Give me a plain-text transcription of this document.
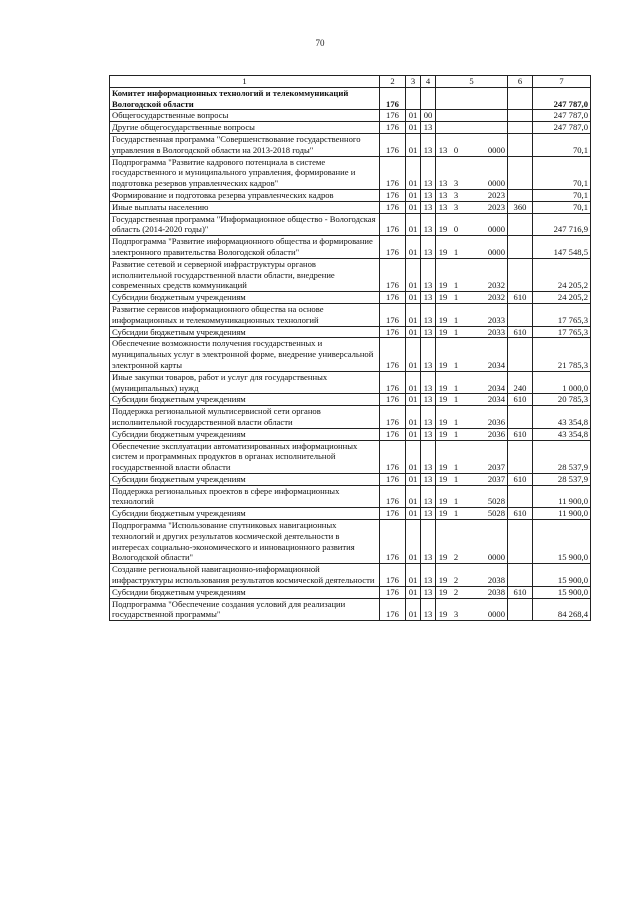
70
1	2	3	4	5	6	7
Комитет информационных технологий и телекоммуникаций Вологодской области	176					247 787,0
Общегосударственные вопросы	176	01	00			247 787,0
Другие общегосударственные вопросы	176	01	13			247 787,0
Государственная программа "Совершенствование государственного управления в Вологодской области на 2013-2018 годы"	176	01	13	13 0 0000		70,1
Подпрограмма "Развитие кадрового потенциала в системе государственного и муниципального управления, формирование и подготовка резервов управленческих кадров"	176	01	13	13 3 0000		70,1
Формирование и подготовка резерва управленческих кадров	176	01	13	13 3 2023		70,1
Иные выплаты населению	176	01	13	13 3 2023	360	70,1
Государственная программа "Информационное общество - Вологодская область (2014-2020 годы)"	176	01	13	19 0 0000		247 716,9
Подпрограмма "Развитие информационного общества и формирование электронного правительства Вологодской области"	176	01	13	19 1 0000		147 548,5
Развитие сетевой и серверной инфраструктуры органов исполнительной государственной власти области, внедрение современных средств коммуникаций	176	01	13	19 1 2032		24 205,2
Субсидии бюджетным учреждениям	176	01	13	19 1 2032	610	24 205,2
Развитие сервисов информационного общества на основе информационных и телекоммуникационных технологий	176	01	13	19 1 2033		17 765,3
Субсидии бюджетным учреждениям	176	01	13	19 1 2033	610	17 765,3
Обеспечение возможности получения государственных и муниципальных услуг в электронной форме, внедрение универсальной электронной карты	176	01	13	19 1 2034		21 785,3
Иные закупки товаров, работ и услуг для государственных (муниципальных) нужд	176	01	13	19 1 2034	240	1 000,0
Субсидии бюджетным учреждениям	176	01	13	19 1 2034	610	20 785,3
Поддержка региональной мультисервисной сети органов исполнительной государственной власти области	176	01	13	19 1 2036		43 354,8
Субсидии бюджетным учреждениям	176	01	13	19 1 2036	610	43 354,8
Обеспечение эксплуатации автоматизированных информационных систем и программных продуктов в органах исполнительной государственной власти области	176	01	13	19 1 2037		28 537,9
Субсидии бюджетным учреждениям	176	01	13	19 1 2037	610	28 537,9
Поддержка региональных проектов в сфере информационных технологий	176	01	13	19 1 5028		11 900,0
Субсидии бюджетным учреждениям	176	01	13	19 1 5028	610	11 900,0
Подпрограмма "Использование спутниковых навигационных технологий и других результатов космической деятельности в интересах социально-экономического и инновационного развития Вологодской области"	176	01	13	19 2 0000		15 900,0
Создание региональной навигационно-информационной инфраструктуры использования результатов космической деятельности	176	01	13	19 2 2038		15 900,0
Субсидии бюджетным учреждениям	176	01	13	19 2 2038	610	15 900,0
Подпрограмма "Обеспечение создания условий для реализации государственной программы"	176	01	13	19 3 0000		84 268,4
